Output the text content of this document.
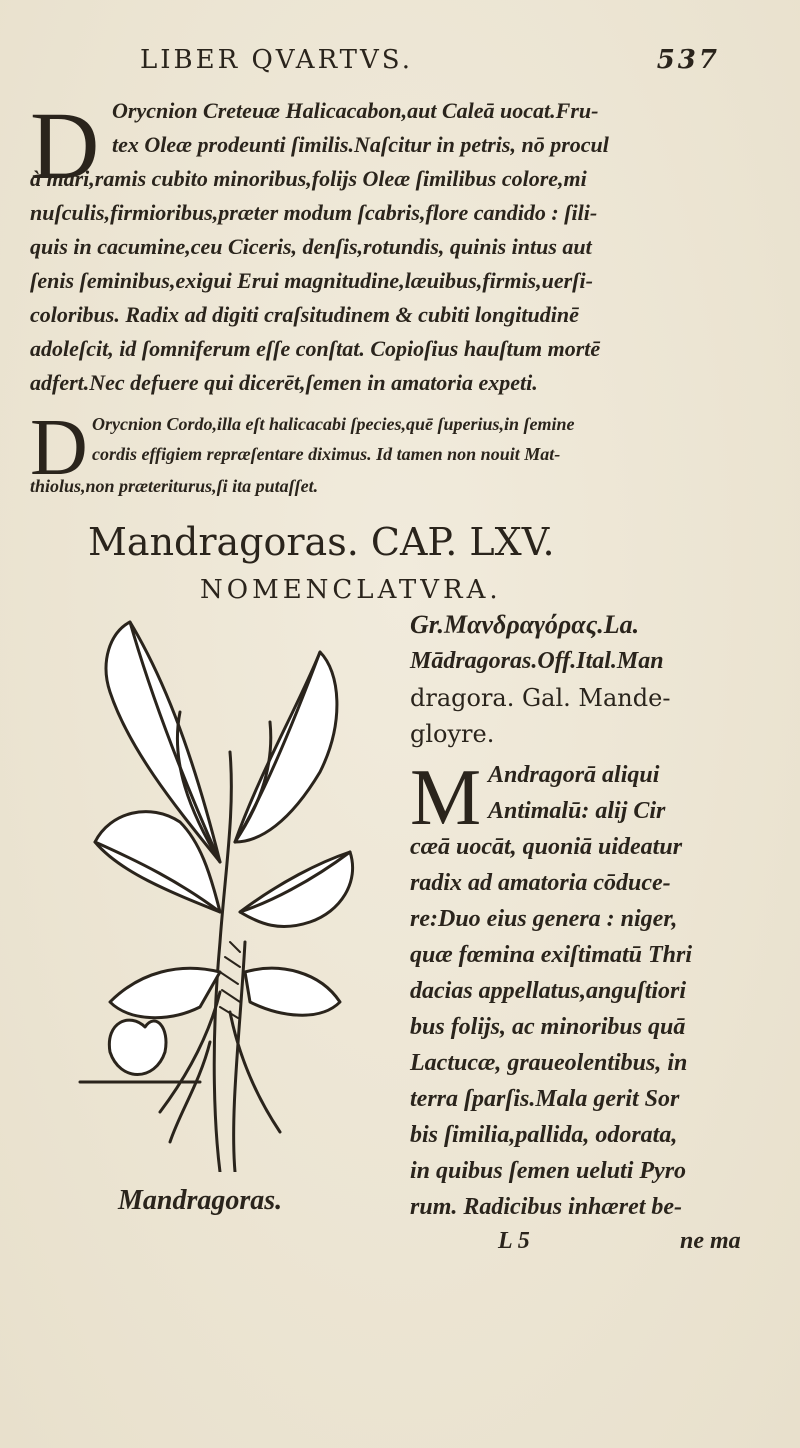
LIBER QVARTVS.	537
D Orycnion Creteuæ Halicacabon,aut Caleā uocat.Fru-
tex Oleæ prodeunti ſimilis.Naſcitur in petris, nō procul
à mari,ramis cubito minoribus,folijs Oleæ ſimilibus colore,mi
nuſculis,firmioribus,præter modum ſcabris,flore candido : ſili-
quis in cacumine,ceu Ciceris, denſis,rotundis, quinis intus aut
ſenis ſeminibus,exigui Erui magnitudine,læuibus,firmis,uerſi-
coloribus. Radix ad digiti craſsitudinem & cubiti longitudinē
adoleſcit, id ſomniferum eſſe conſtat. Copioſius hauſtum mortē
adfert.Nec defuere qui dicerēt,ſemen in amatoria expeti.
D Orycnion Cordo,illa eſt halicacabi ſpecies,quē ſuperius,in ſemine
cordis effigiem repræſentare diximus. Id tamen non nouit Mat-
thiolus,non præteriturus,ſi ita putaſſet.
Mandragoras. CAP. LXV.
NOMENCLATVRA.
Mandragoras.
Gr.Μανδραγόρας.La.
Mādragoras.Off.Ital.Man
dragora. Gal. Mande-
gloyre.
M Andragorā aliqui
Antimalū: alij Cir
cæā uocāt, quoniā uideatur
radix ad amatoria cōduce-
re:Duo eius genera : niger,
quæ fœmina exiſtimatū Thri
dacias appellatus,anguſtiori
bus folijs, ac minoribus quā
Lactucæ, graueolentibus, in
terra ſparſis.Mala gerit Sor
bis ſimilia,pallida, odorata,
in quibus ſemen ueluti Pyro
rum. Radicibus inhæret be-
L 5	ne ma
